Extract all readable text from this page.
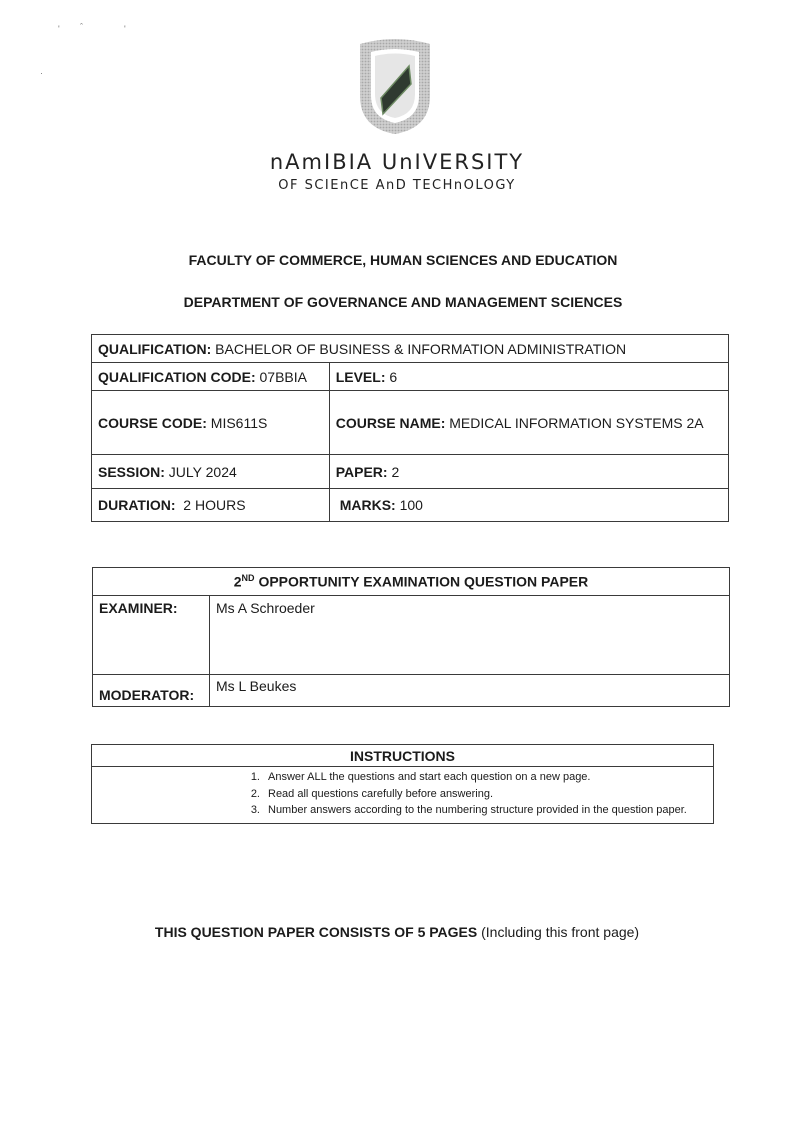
' ˆ	'
·
nAmIBIA UnIVERSITY
OF SCIEnCE AnD TECHnOLOGY
FACULTY OF COMMERCE, HUMAN SCIENCES AND EDUCATION
DEPARTMENT OF GOVERNANCE AND MANAGEMENT SCIENCES
QUALIFICATION: BACHELOR OF BUSINESS & INFORMATION ADMINISTRATION	
QUALIFICATION CODE: 07BBIA	LEVEL: 6
COURSE CODE: MIS611S	COURSE NAME: MEDICAL INFORMATION SYSTEMS 2A
SESSION: JULY 2024	PAPER: 2
DURATION: 2 HOURS	MARKS: 100
2ND OPPORTUNITY EXAMINATION QUESTION PAPER	
EXAMINER:	Ms A Schroeder
MODERATOR:	Ms L Beukes
INSTRUCTIONS

1. Answer ALL the questions and start each question on a new page.
2. Read all questions carefully before answering.
3. Number answers according to the numbering structure provided in the question paper.
THIS QUESTION PAPER CONSISTS OF 5 PAGES (Including this front page)
